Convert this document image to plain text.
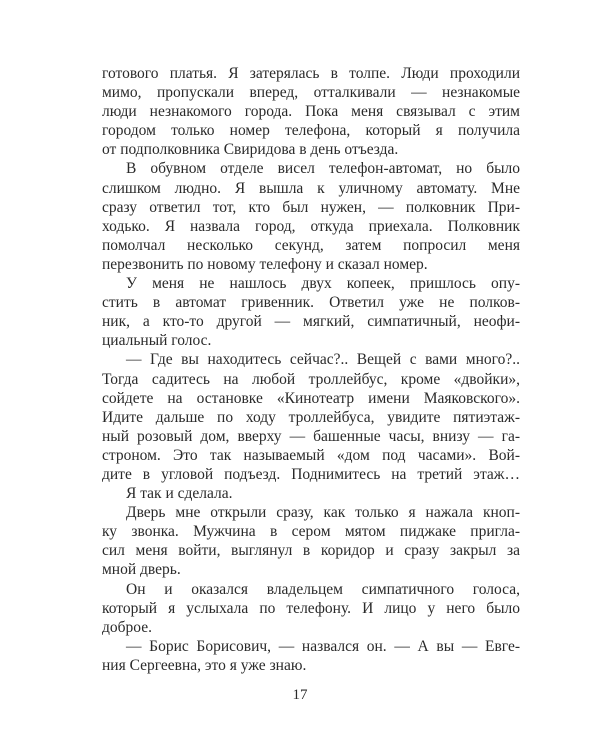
готового платья. Я затерялась в толпе. Люди проходили
мимо, пропускали вперед, отталкивали — незнакомые
люди незнакомого города. Пока меня связывал с этим
городом только номер телефона, который я получила
от подполковника Свиридова в день отъезда.
В обувном отделе висел телефон-автомат, но было
слишком людно. Я вышла к уличному автомату. Мне
сразу ответил тот, кто был нужен, — полковник При-
ходько. Я назвала город, откуда приехала. Полковник
помолчал несколько секунд, затем попросил меня
перезвонить по новому телефону и сказал номер.
У меня не нашлось двух копеек, пришлось опу-
стить в автомат гривенник. Ответил уже не полков-
ник, а кто-то другой — мягкий, симпатичный, неофи-
циальный голос.
— Где вы находитесь сейчас?.. Вещей с вами много?..
Тогда садитесь на любой троллейбус, кроме «двойки»,
сойдете на остановке «Кинотеатр имени Маяковского».
Идите дальше по ходу троллейбуса, увидите пятиэтаж-
ный розовый дом, вверху — башенные часы, внизу — га-
строном. Это так называемый «дом под часами». Вой-
дите в угловой подъезд. Поднимитесь на третий этаж…
Я так и сделала.
Дверь мне открыли сразу, как только я нажала кноп-
ку звонка. Мужчина в сером мятом пиджаке пригла-
сил меня войти, выглянул в коридор и сразу закрыл за
мной дверь.
Он и оказался владельцем симпатичного голоса,
который я услыхала по телефону. И лицо у него было
доброе.
— Борис Борисович, — назвался он. — А вы — Евге-
ния Сергеевна, это я уже знаю.
17
